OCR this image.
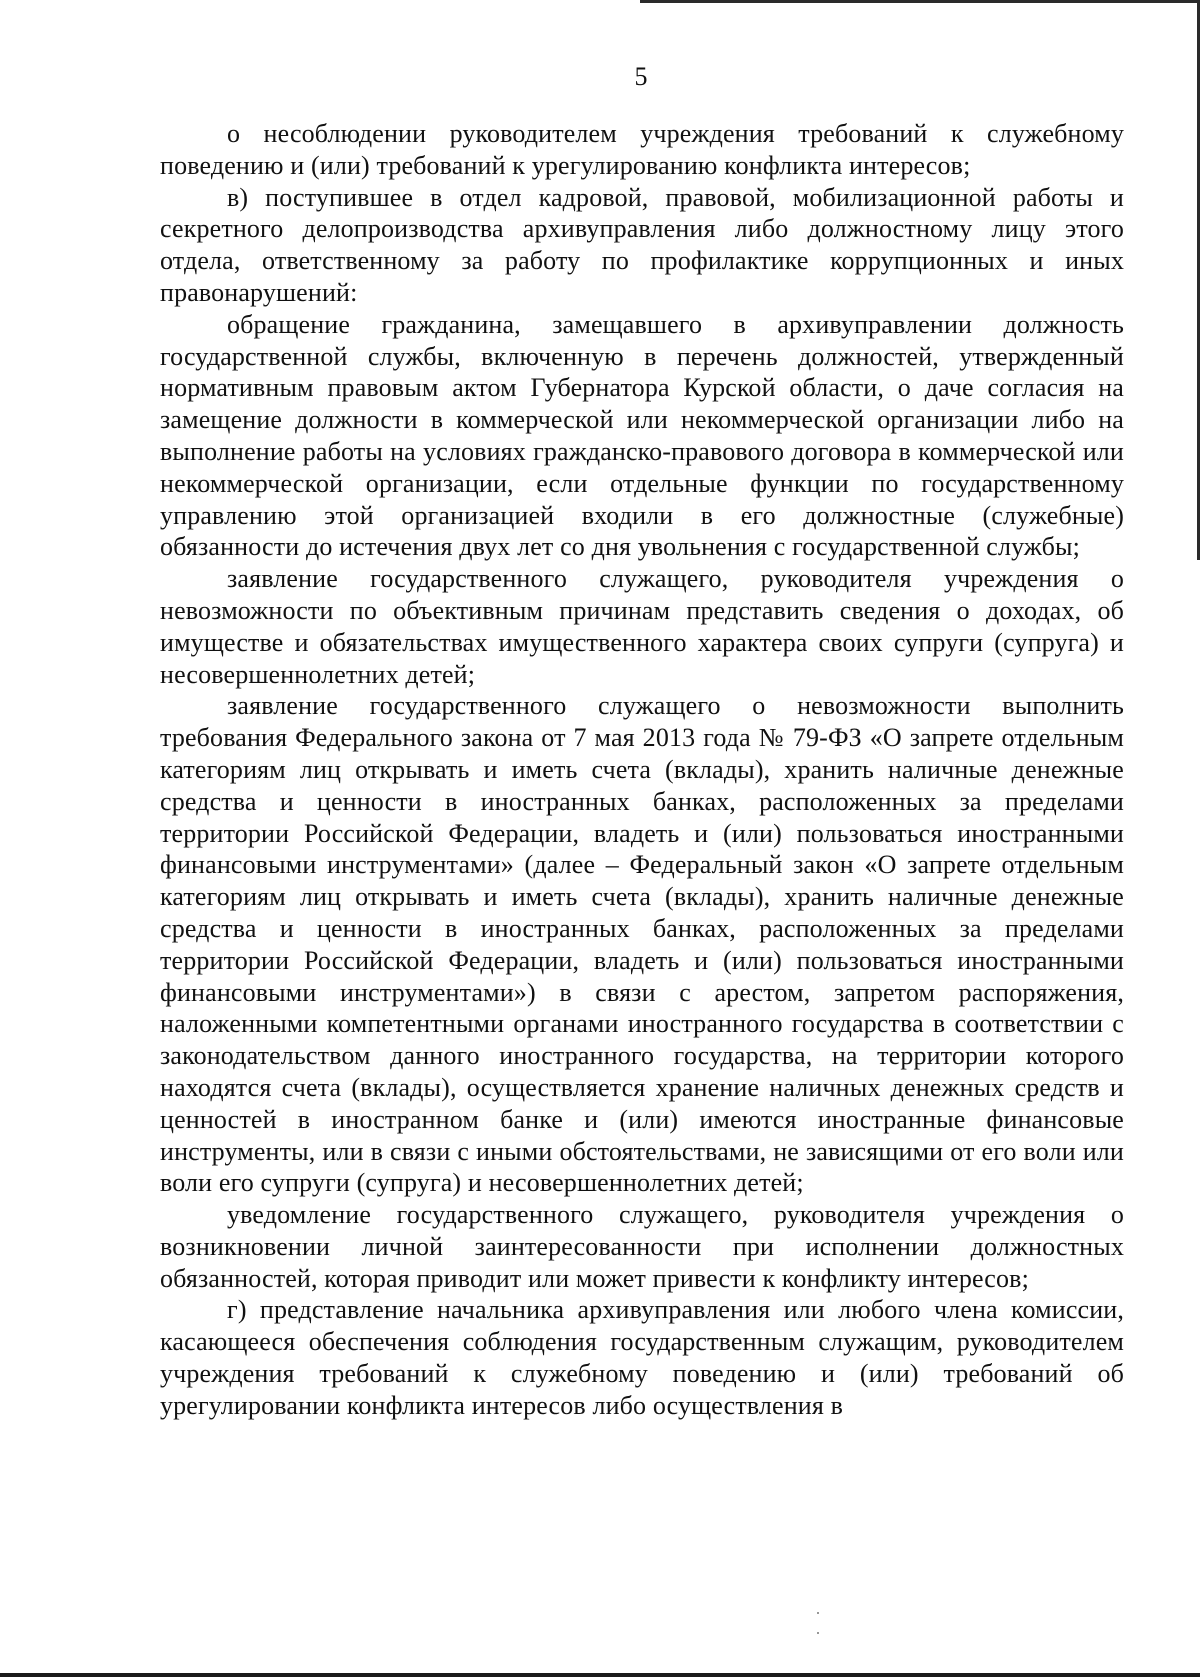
5

о несоблюдении руководителем учреждения требований к служебному поведению и (или) требований к урегулированию конфликта интересов;

в) поступившее в отдел кадровой, правовой, мобилизационной работы и секретного делопроизводства архивуправления либо должностному лицу этого отдела, ответственному за работу по профилактике коррупционных и иных правонарушений:

обращение гражданина, замещавшего в архивуправлении должность государственной службы, включенную в перечень должностей, утвержденный нормативным правовым актом Губернатора Курской области, о даче согласия на замещение должности в коммерческой или некоммерческой организации либо на выполнение работы на условиях гражданско-правового договора в коммерческой или некоммерческой организации, если отдельные функции по государственному управлению этой организацией входили в его должностные (служебные) обязанности до истечения двух лет со дня увольнения с государственной службы;

заявление государственного служащего, руководителя учреждения о невозможности по объективным причинам представить сведения о доходах, об имуществе и обязательствах имущественного характера своих супруги (супруга) и несовершеннолетних детей;

заявление государственного служащего о невозможности выполнить требования Федерального закона от 7 мая 2013 года № 79-ФЗ «О запрете отдельным категориям лиц открывать и иметь счета (вклады), хранить наличные денежные средства и ценности в иностранных банках, расположенных за пределами территории Российской Федерации, владеть и (или) пользоваться иностранными финансовыми инструментами» (далее – Федеральный закон «О запрете отдельным категориям лиц открывать и иметь счета (вклады), хранить наличные денежные средства и ценности в иностранных банках, расположенных за пределами территории Российской Федерации, владеть и (или) пользоваться иностранными финансовыми инструментами») в связи с арестом, запретом распоряжения, наложенными компетентными органами иностранного государства в соответствии с законодательством данного иностранного государства, на территории которого находятся счета (вклады), осуществляется хранение наличных денежных средств и ценностей в иностранном банке и (или) имеются иностранные финансовые инструменты, или в связи с иными обстоятельствами, не зависящими от его воли или воли его супруги (супруга) и несовершеннолетних детей;

уведомление государственного служащего, руководителя учреждения о возникновении личной заинтересованности при исполнении должностных обязанностей, которая приводит или может привести к конфликту интересов;

г) представление начальника архивуправления или любого члена комиссии, касающееся обеспечения соблюдения государственным служащим, руководителем учреждения требований к служебному поведению и (или) требований об урегулировании конфликта интересов либо осуществления в
